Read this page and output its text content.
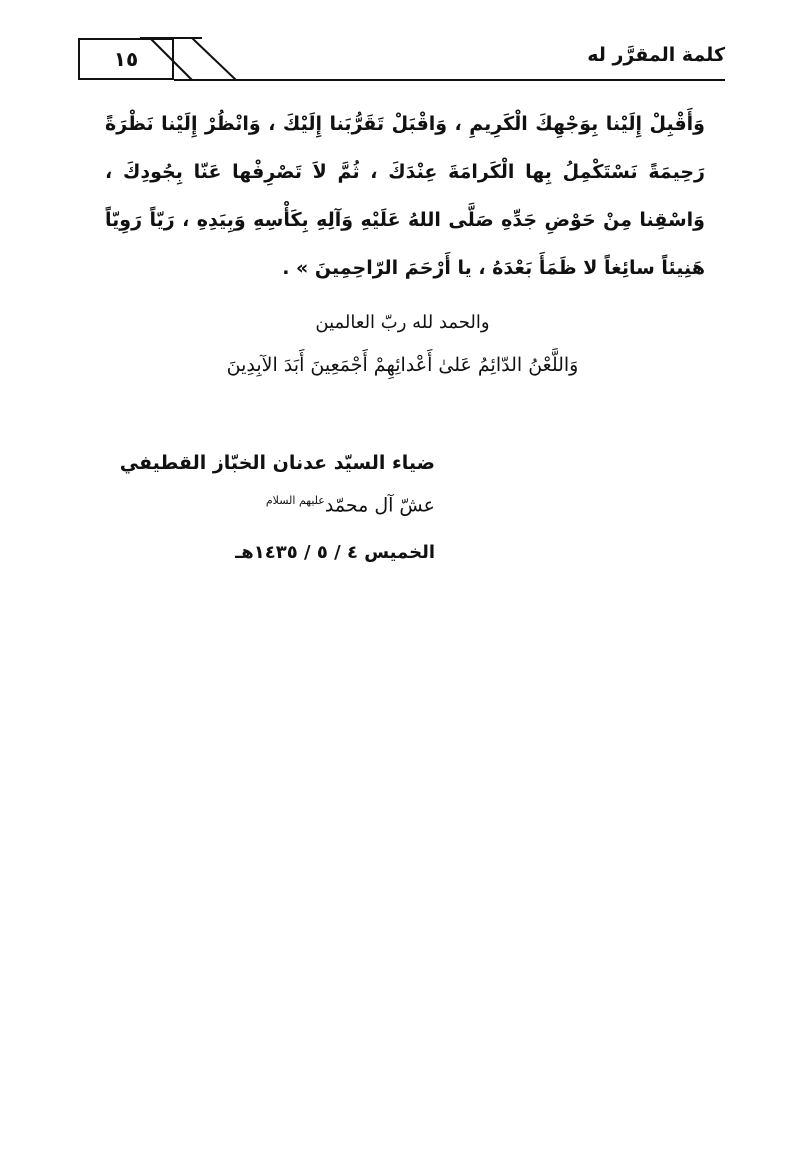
١٥	كلمة المقرَّر له
وَأَقْبِلْ إِلَيْنا بِوَجْهِكَ الْكَرِيمِ ، وَاقْبَلْ تَقَرُّبَنا إِلَيْكَ ، وَانْظُرْ إِلَيْنا نَظْرَةً رَحِيمَةً نَسْتَكْمِلُ بِها الْكَرامَةَ عِنْدَكَ ، ثُمَّ لاَ تَصْرِفْها عَنّا بِجُودِكَ ، وَاسْقِنا مِنْ حَوْضِ جَدِّهِ صَلَّى اللهُ عَلَيْهِ وَآلِهِ بِكَأْسِهِ وَبِيَدِهِ ، رَيّاً رَوِيّاً هَنِيئاً سائِغاً لا ظَمَأَ بَعْدَهُ ، يا أَرْحَمَ الرّاحِمِينَ » .
والحمد لله ربّ العالمين
وَاللَّعْنُ الدّائِمُ عَلىٰ أَعْدائِهِمْ أَجْمَعِينَ أَبَدَ الآبِدِينَ
ضياء السيّد عدنان الخبّاز القطيفي
عشّ آل محمّد$^{عليهم السلام}$
الخميس ٤ / ٥ / ١٤٣٥هـ
